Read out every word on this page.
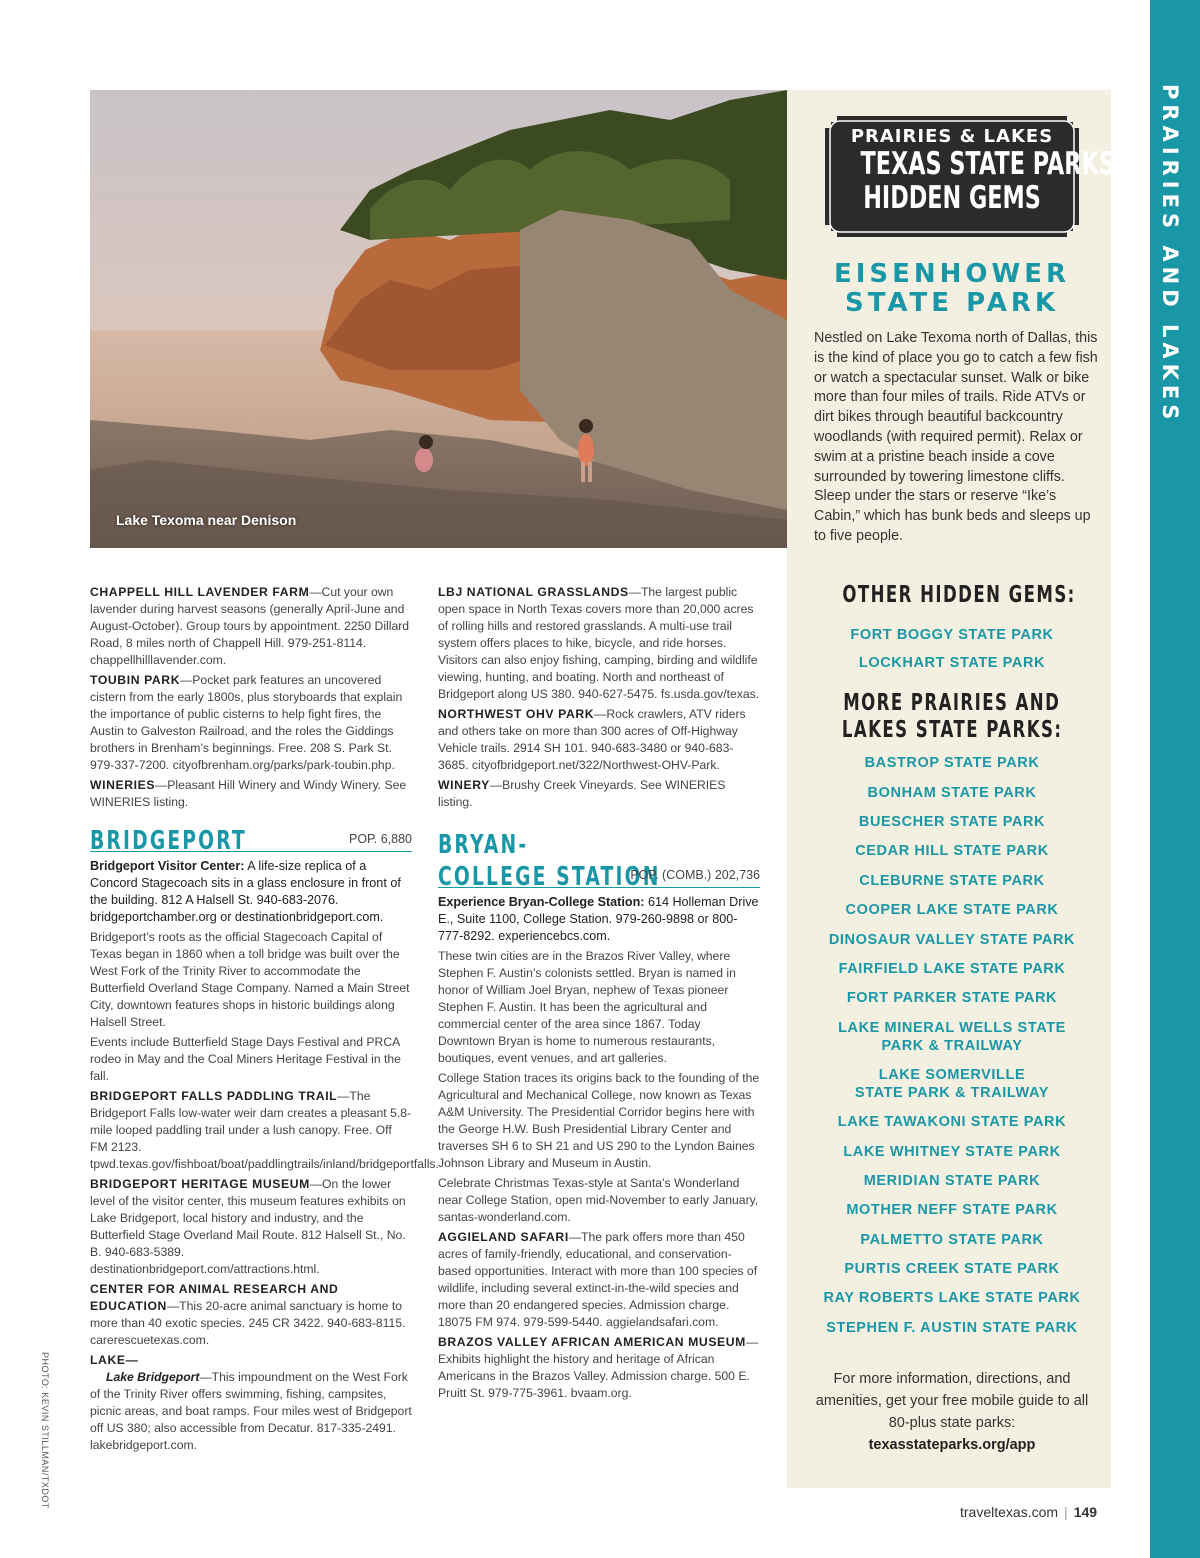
PRAIRIES AND LAKES
Lake Texoma near Denison
PRAIRIES & LAKES
TEXAS STATE PARKS
HIDDEN GEMS
EISENHOWER
STATE PARK
Nestled on Lake Texoma north of Dallas, this is the kind of place you go to catch a few fish or watch a spectacular sunset. Walk or bike more than four miles of trails. Ride ATVs or dirt bikes through beautiful backcountry woodlands (with required permit). Relax or swim at a pristine beach inside a cove surrounded by towering limestone cliffs. Sleep under the stars or reserve “Ike’s Cabin,” which has bunk beds and sleeps up to five people.
OTHER HIDDEN GEMS:
FORT BOGGY STATE PARK
LOCKHART STATE PARK
MORE PRAIRIES AND
LAKES STATE PARKS:
BASTROP STATE PARK
BONHAM STATE PARK
BUESCHER STATE PARK
CEDAR HILL STATE PARK
CLEBURNE STATE PARK
COOPER LAKE STATE PARK
DINOSAUR VALLEY STATE PARK
FAIRFIELD LAKE STATE PARK
FORT PARKER STATE PARK
LAKE MINERAL WELLS STATE
PARK & TRAILWAY
LAKE SOMERVILLE
STATE PARK & TRAILWAY
LAKE TAWAKONI STATE PARK
LAKE WHITNEY STATE PARK
MERIDIAN STATE PARK
MOTHER NEFF STATE PARK
PALMETTO STATE PARK
PURTIS CREEK STATE PARK
RAY ROBERTS LAKE STATE PARK
STEPHEN F. AUSTIN STATE PARK
For more information, directions, and amenities, get your free mobile guide to all 80-plus state parks:
texasstateparks.org/app

CHAPPELL HILL LAVENDER FARM—Cut your own lavender during harvest seasons (generally April-June and August-October). Group tours by appointment. 2250 Dillard Road, 8 miles north of Chappell Hill. 979-251-8114. chappellhilllavender.com.

TOUBIN PARK—Pocket park features an uncovered cistern from the early 1800s, plus storyboards that explain the importance of public cisterns to help fight fires, the Austin to Galveston Railroad, and the roles the Giddings brothers in Brenham’s beginnings. Free. 208 S. Park St. 979-337-7200. cityofbrenham.org/parks/park-toubin.php.

WINERIES—Pleasant Hill Winery and Windy Winery. See WINERIES listing.

BRIDGEPORT	POP. 6,880

Bridgeport Visitor Center: A life-size replica of a Concord Stagecoach sits in a glass enclosure in front of the building. 812 A Halsell St. 940-683-2076. bridgeportchamber.org or destinationbridgeport.com.

Bridgeport’s roots as the official Stagecoach Capital of Texas began in 1860 when a toll bridge was built over the West Fork of the Trinity River to accommodate the Butterfield Overland Stage Company. Named a Main Street City, downtown features shops in historic buildings along Halsell Street.

Events include Butterfield Stage Days Festival and PRCA rodeo in May and the Coal Miners Heritage Festival in the fall.

BRIDGEPORT FALLS PADDLING TRAIL—The Bridgeport Falls low-water weir dam creates a pleasant 5.8-mile looped paddling trail under a lush canopy. Free. Off FM 2123. tpwd.texas.gov/fishboat/boat/paddlingtrails/inland/bridgeportfalls.

BRIDGEPORT HERITAGE MUSEUM—On the lower level of the visitor center, this museum features exhibits on Lake Bridgeport, local history and industry, and the Butterfield Stage Overland Mail Route. 812 Halsell St., No. B. 940-683-5389. destinationbridgeport.com/attractions.html.

CENTER FOR ANIMAL RESEARCH AND EDUCATION—This 20-acre animal sanctuary is home to more than 40 exotic species. 245 CR 3422. 940-683-8115. carerescuetexas.com.

LAKE—
Lake Bridgeport—This impoundment on the West Fork of the Trinity River offers swimming, fishing, campsites, picnic areas, and boat ramps. Four miles west of Bridgeport off US 380; also accessible from Decatur. 817-335-2491. lakebridgeport.com.

LBJ NATIONAL GRASSLANDS—The largest public open space in North Texas covers more than 20,000 acres of rolling hills and restored grasslands. A multi-use trail system offers places to hike, bicycle, and ride horses. Visitors can also enjoy fishing, camping, birding and wildlife viewing, hunting, and boating. North and northeast of Bridgeport along US 380. 940-627-5475. fs.usda.gov/texas.

NORTHWEST OHV PARK—Rock crawlers, ATV riders and others take on more than 300 acres of Off-Highway Vehicle trails. 2914 SH 101. 940-683-3480 or 940-683-3685. cityofbridgeport.net/322/Northwest-OHV-Park.

WINERY—Brushy Creek Vineyards. See WINERIES listing.

BRYAN-
COLLEGE STATION
POP. (COMB.) 202,736

Experience Bryan-College Station: 614 Holleman Drive E., Suite 1100, College Station. 979-260-9898 or 800-777-8292. experiencebcs.com.

These twin cities are in the Brazos River Valley, where Stephen F. Austin’s colonists settled. Bryan is named in honor of William Joel Bryan, nephew of Texas pioneer Stephen F. Austin. It has been the agricultural and commercial center of the area since 1867. Today Downtown Bryan is home to numerous restaurants, boutiques, event venues, and art galleries.

College Station traces its origins back to the founding of the Agricultural and Mechanical College, now known as Texas A&M University. The Presidential Corridor begins here with the George H.W. Bush Presidential Library Center and traverses SH 6 to SH 21 and US 290 to the Lyndon Baines Johnson Library and Museum in Austin.

Celebrate Christmas Texas-style at Santa’s Wonderland near College Station, open mid-November to early January, santas-wonderland.com.

AGGIELAND SAFARI—The park offers more than 450 acres of family-friendly, educational, and conservation-based opportunities. Interact with more than 100 species of wildlife, including several extinct-in-the-wild species and more than 20 endangered species. Admission charge. 18075 FM 974. 979-599-5440. aggielandsafari.com.

BRAZOS VALLEY AFRICAN AMERICAN MUSEUM—Exhibits highlight the history and heritage of African Americans in the Brazos Valley. Admission charge. 500 E. Pruitt St. 979-775-3961. bvaam.org.

PHOTO: KEVIN STILLMAN/TXDOT
traveltexas.com | 149
